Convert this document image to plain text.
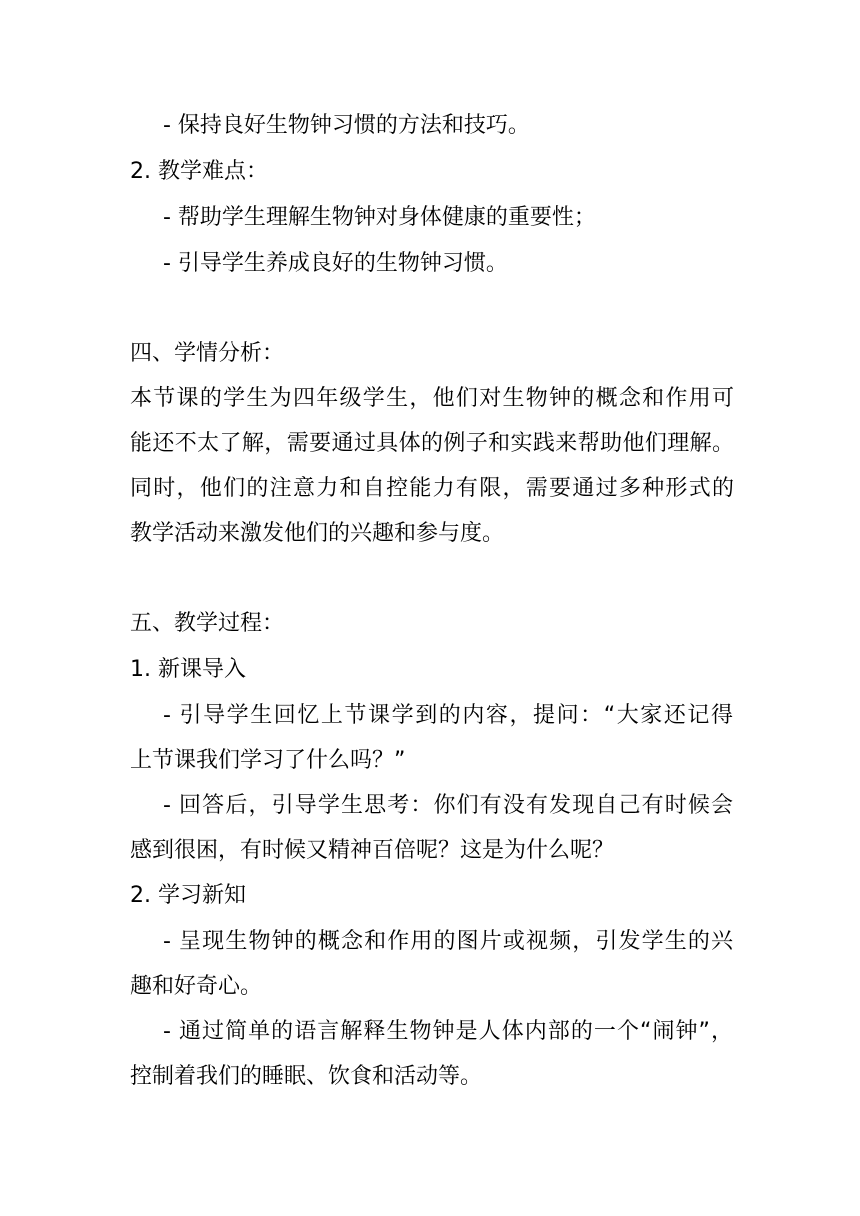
- 保持良好生物钟习惯的方法和技巧。
2. 教学难点：
- 帮助学生理解生物钟对身体健康的重要性；
- 引导学生养成良好的生物钟习惯。
四、学情分析：
本节课的学生为四年级学生，他们对生物钟的概念和作用可
能还不太了解，需要通过具体的例子和实践来帮助他们理解。
同时，他们的注意力和自控能力有限，需要通过多种形式的
教学活动来激发他们的兴趣和参与度。
五、教学过程：
1. 新课导入
- 引导学生回忆上节课学到的内容，提问：“大家还记得
上节课我们学习了什么吗？”
- 回答后，引导学生思考：你们有没有发现自己有时候会
感到很困，有时候又精神百倍呢？这是为什么呢？
2. 学习新知
- 呈现生物钟的概念和作用的图片或视频，引发学生的兴
趣和好奇心。
- 通过简单的语言解释生物钟是人体内部的一个“闹钟”，
控制着我们的睡眠、饮食和活动等。
